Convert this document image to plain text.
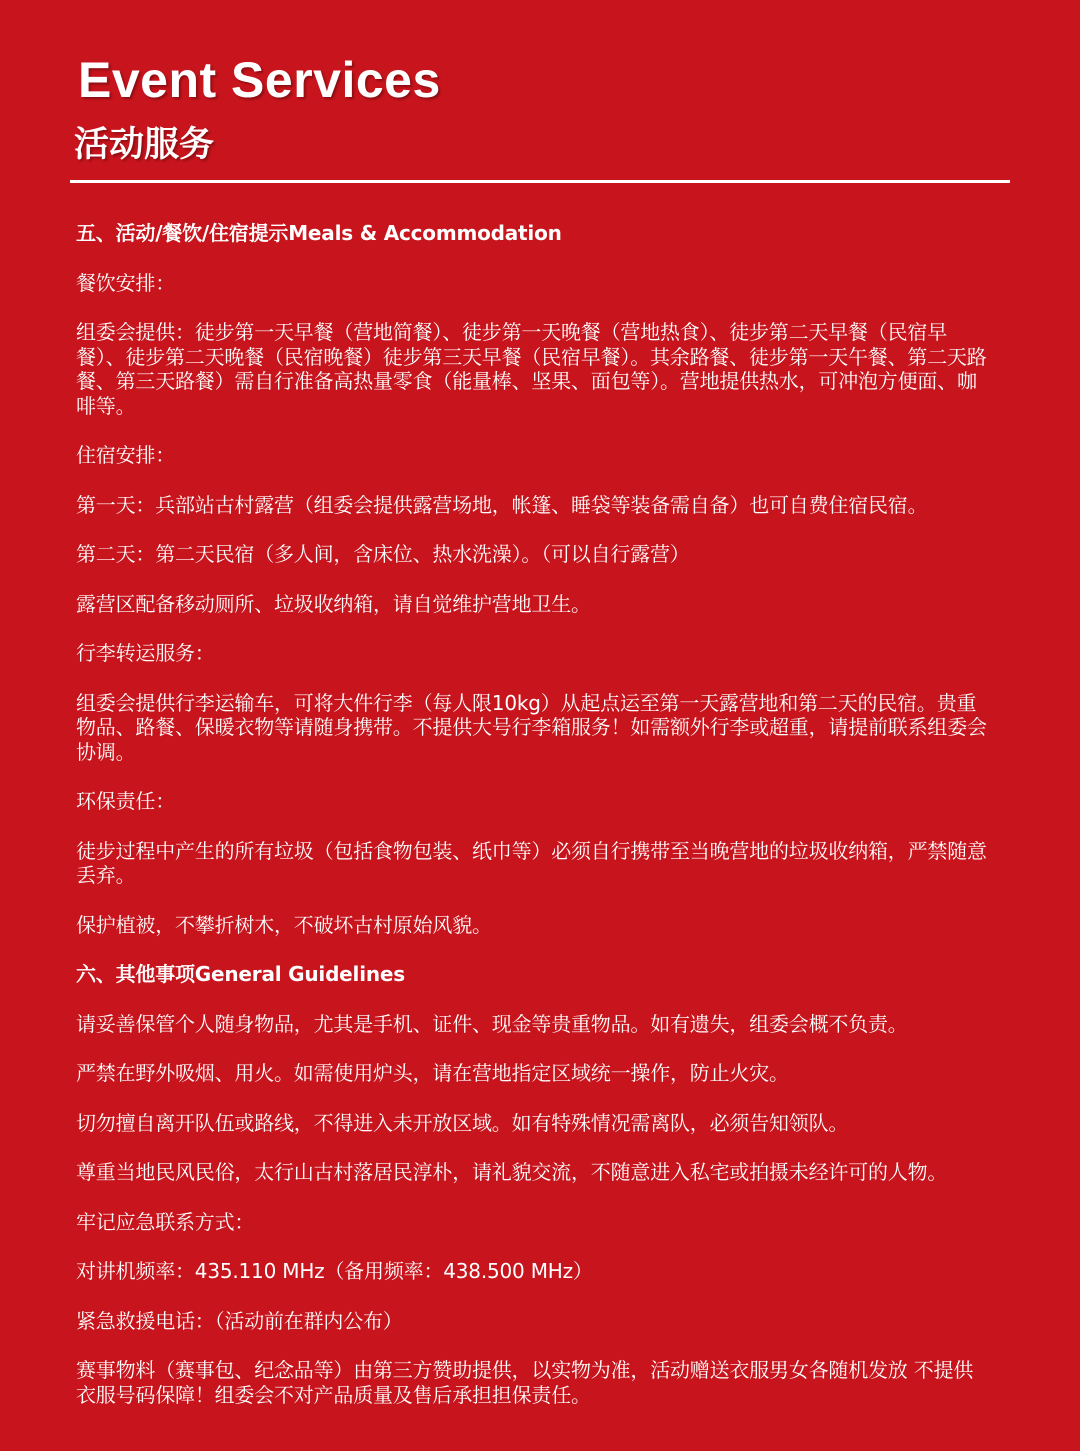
Event Services
活动服务

五、活动/餐饮/住宿提示Meals & Accommodation

餐饮安排：

组委会提供：徒步第一天早餐（营地简餐）、徒步第一天晚餐（营地热食）、徒步第二天早餐（民宿早餐）、徒步第二天晚餐（民宿晚餐）徒步第三天早餐（民宿早餐）。其余路餐、徒步第一天午餐、第二天路餐、第三天路餐）需自行准备高热量零食（能量棒、坚果、面包等）。营地提供热水，可冲泡方便面、咖啡等。

住宿安排：

第一天：兵部站古村露营（组委会提供露营场地，帐篷、睡袋等装备需自备）也可自费住宿民宿。

第二天：第二天民宿（多人间，含床位、热水洗澡）。（可以自行露营）

露营区配备移动厕所、垃圾收纳箱，请自觉维护营地卫生。

行李转运服务：

组委会提供行李运输车，可将大件行李（每人限10kg）从起点运至第一天露营地和第二天的民宿。贵重物品、路餐、保暖衣物等请随身携带。不提供大号行李箱服务！如需额外行李或超重，请提前联系组委会协调。

环保责任：

徒步过程中产生的所有垃圾（包括食物包装、纸巾等）必须自行携带至当晚营地的垃圾收纳箱，严禁随意丢弃。

保护植被，不攀折树木，不破坏古村原始风貌。

六、其他事项General Guidelines

请妥善保管个人随身物品，尤其是手机、证件、现金等贵重物品。如有遗失，组委会概不负责。

严禁在野外吸烟、用火。如需使用炉头，请在营地指定区域统一操作，防止火灾。

切勿擅自离开队伍或路线，不得进入未开放区域。如有特殊情况需离队，必须告知领队。

尊重当地民风民俗，太行山古村落居民淳朴，请礼貌交流，不随意进入私宅或拍摄未经许可的人物。

牢记应急联系方式：

对讲机频率：435.110 MHz（备用频率：438.500 MHz）

紧急救援电话：（活动前在群内公布）

赛事物料（赛事包、纪念品等）由第三方赞助提供，以实物为准，活动赠送衣服男女各随机发放 不提供衣服号码保障！组委会不对产品质量及售后承担担保责任。
